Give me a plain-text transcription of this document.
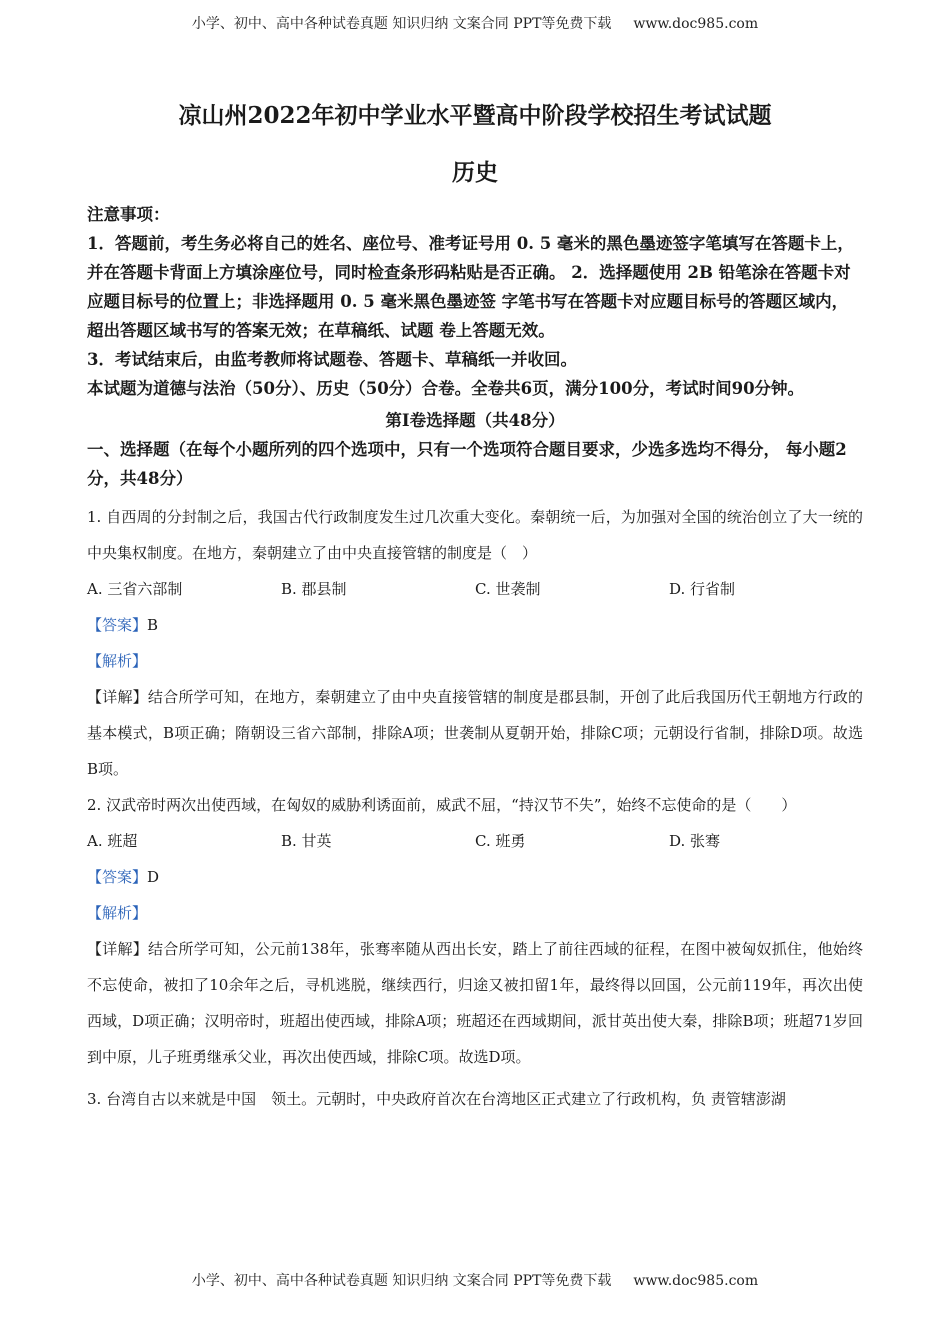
小学、初中、高中各种试卷真题 知识归纳 文案合同 PPT等免费下载 www.doc985.com
凉山州2022年初中学业水平暨高中阶段学校招生考试试题
历史

注意事项：

1．答题前，考生务必将自己的姓名、座位号、准考证号用 0. 5 毫米的黑色墨迹签字笔填写在答题卡上，并在答题卡背面上方填涂座位号，同时检查条形码粘贴是否正确。 2．选择题使用 2B 铅笔涂在答题卡对应题目标号的位置上；非选择题用 0. 5 毫米黑色墨迹签 字笔书写在答题卡对应题目标号的答题区域内，超出答题区域书写的答案无效；在草稿纸、试题 卷上答题无效。

3．考试结束后，由监考教师将试题卷、答题卡、草稿纸一并收回。

本试题为道德与法治（50分）、历史（50分）合卷。全卷共6页，满分100分，考试时间90分钟。

第I卷选择题（共48分）
一、选择题（在每个小题所列的四个选项中，只有一个选项符合题目要求，少选多选均不得分， 每小题2分，共48分）

1. 自西周的分封制之后，我国古代行政制度发生过几次重大变化。秦朝统一后，为加强对全国的统治创立了大一统的中央集权制度。在地方，秦朝建立了由中央直接管辖的制度是（　）

A. 三省六部制	B. 郡县制	C. 世袭制	D. 行省制

【答案】B

【解析】

【详解】结合所学可知，在地方，秦朝建立了由中央直接管辖的制度是郡县制，开创了此后我国历代王朝地方行政的基本模式，B项正确；隋朝设三省六部制，排除A项；世袭制从夏朝开始，排除C项；元朝设行省制，排除D项。故选B项。

2. 汉武帝时两次出使西域，在匈奴的威胁利诱面前，威武不屈，“持汉节不失”，始终不忘使命的是（　　）

A. 班超	B. 甘英	C. 班勇	D. 张骞

【答案】D

【解析】

【详解】结合所学可知，公元前138年，张骞率随从西出长安，踏上了前往西域的征程，在图中被匈奴抓住，他始终不忘使命，被扣了10余年之后，寻机逃脱，继续西行，归途又被扣留1年，最终得以回国，公元前119年，再次出使西域，D项正确；汉明帝时，班超出使西域，排除A项；班超还在西域期间，派甘英出使大秦，排除B项；班超71岁回到中原，儿子班勇继承父业，再次出使西域，排除C项。故选D项。

3. 台湾自古以来就是中国　领土。元朝时，中央政府首次在台湾地区正式建立了行政机构，负 责管辖澎湖

小学、初中、高中各种试卷真题 知识归纳 文案合同 PPT等免费下载 www.doc985.com
